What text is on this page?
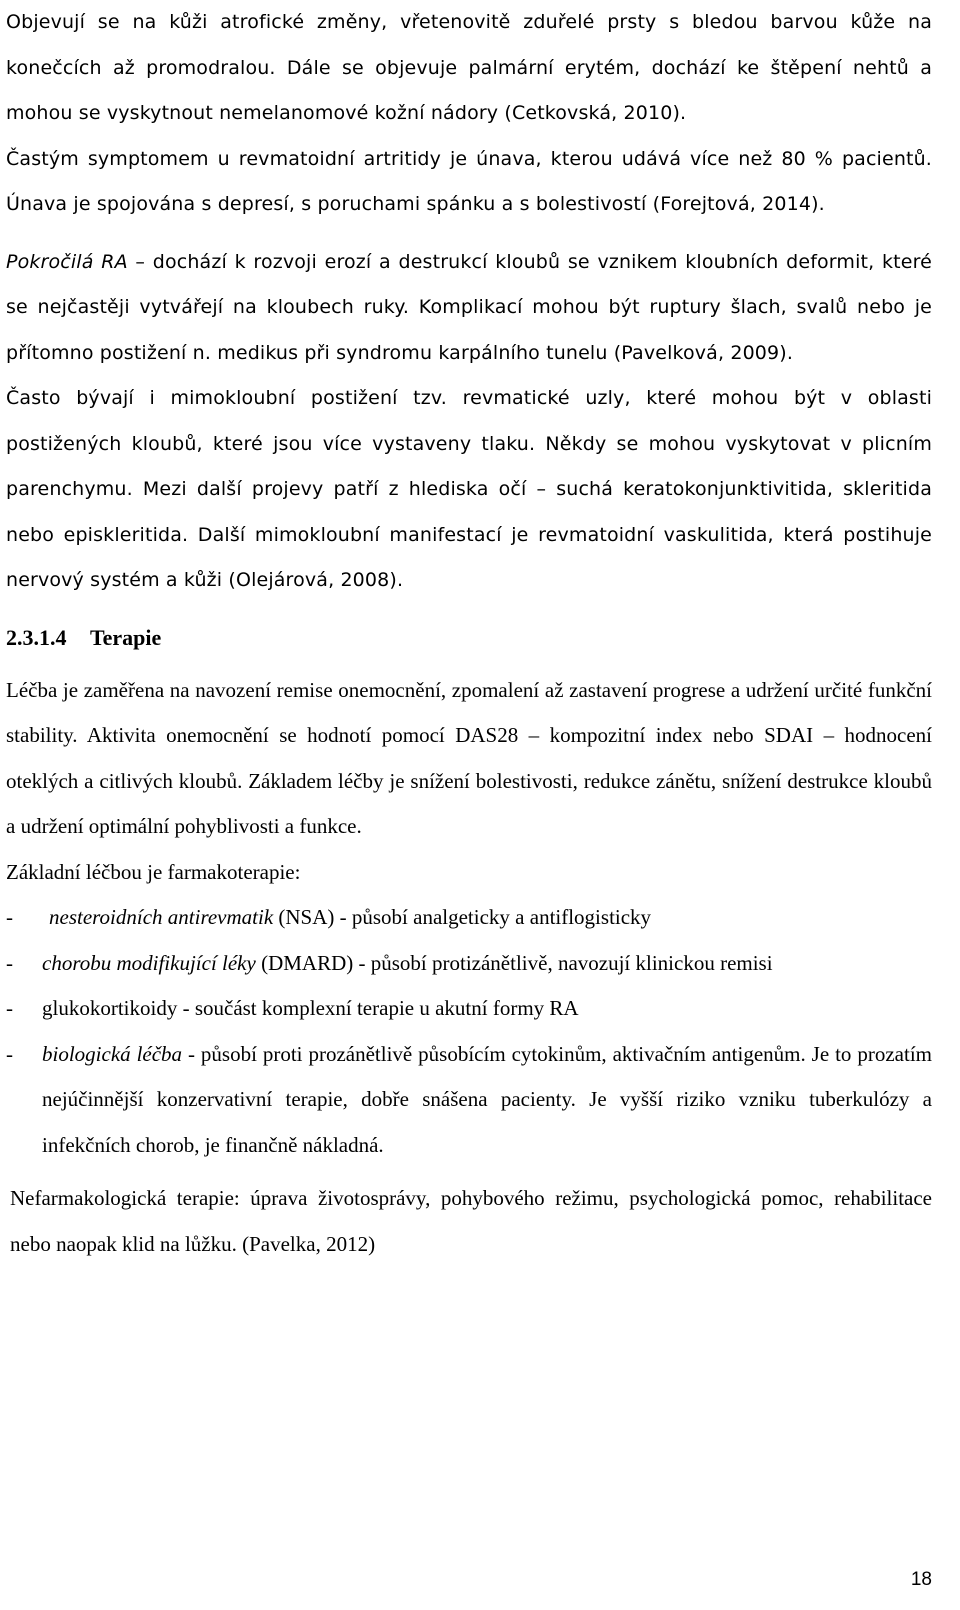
Objevují se na kůži atrofické změny, vřetenovitě zduřelé prsty s bledou barvou kůže na konečcích až promodralou. Dále se objevuje palmární erytém, dochází ke štěpení nehtů a mohou se vyskytnout nemelanomové kožní nádory (Cetkovská, 2010).

Častým symptomem u revmatoidní artritidy je únava, kterou udává více než 80 % pacientů. Únava je spojována s depresí, s poruchami spánku a s bolestivostí (Forejtová, 2014).

Pokročilá RA – dochází k rozvoji erozí a destrukcí kloubů se vznikem kloubních deformit, které se nejčastěji vytvářejí na kloubech ruky. Komplikací mohou být ruptury šlach, svalů nebo je přítomno postižení n. medikus při syndromu karpálního tunelu (Pavelková, 2009).

Často bývají i mimokloubní postižení tzv. revmatické uzly, které mohou být v oblasti postižených kloubů, které jsou více vystaveny tlaku. Někdy se mohou vyskytovat v plicním parenchymu. Mezi další projevy patří z hlediska očí – suchá keratokonjunktivitida, skleritida nebo episkleritida. Další mimokloubní manifestací je revmatoidní vaskulitida, která postihuje nervový systém a kůži (Olejárová, 2008).

2.3.1.4 Terapie

Léčba je zaměřena na navození remise onemocnění, zpomalení až zastavení progrese a udržení určité funkční stability. Aktivita onemocnění se hodnotí pomocí DAS28 – kompozitní index nebo SDAI – hodnocení oteklých a citlivých kloubů. Základem léčby je snížení bolestivosti, redukce zánětu, snížení destrukce kloubů a udržení optimální pohyblivosti a funkce.

Základní léčbou je farmakoterapie:

- nesteroidních antirevmatik (NSA) - působí analgeticky a antiflogisticky
- chorobu modifikující léky (DMARD) - působí protizánětlivě, navozují klinickou remisi
- glukokortikoidy - součást komplexní terapie u akutní formy RA
- biologická léčba - působí proti prozánětlivě působícím cytokinům, aktivačním antigenům. Je to prozatím nejúčinnější konzervativní terapie, dobře snášena pacienty. Je vyšší riziko vzniku tuberkulózy a infekčních chorob, je finančně nákladná.

Nefarmakologická terapie: úprava životosprávy, pohybového režimu, psychologická pomoc, rehabilitace nebo naopak klid na lůžku. (Pavelka, 2012)

18
